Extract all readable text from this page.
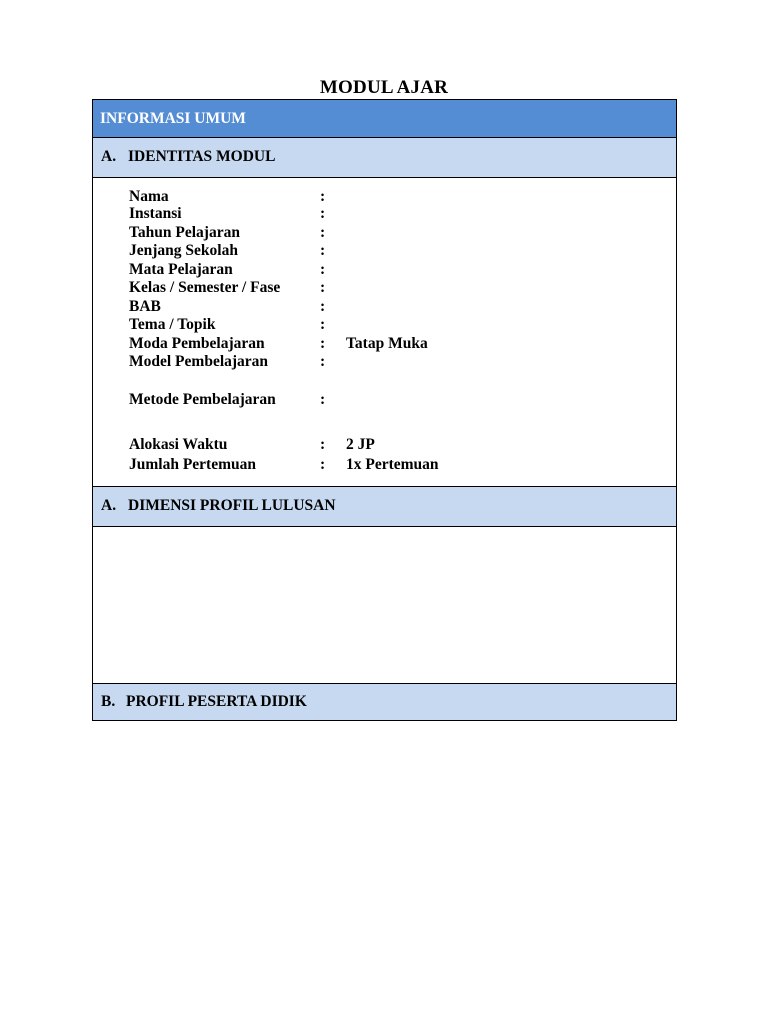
MODUL AJAR
INFORMASI UMUM
A. IDENTITAS MODUL
Nama	:
Instansi	:
Tahun Pelajaran	:
Jenjang Sekolah	:
Mata Pelajaran	:
Kelas / Semester / Fase	:
BAB	:
Tema / Topik	:
Moda Pembelajaran	: Tatap Muka
Model Pembelajaran	:
Metode Pembelajaran	:
Alokasi Waktu	: 2 JP
Jumlah Pertemuan	: 1x Pertemuan
A. DIMENSI PROFIL LULUSAN
B. PROFIL PESERTA DIDIK
